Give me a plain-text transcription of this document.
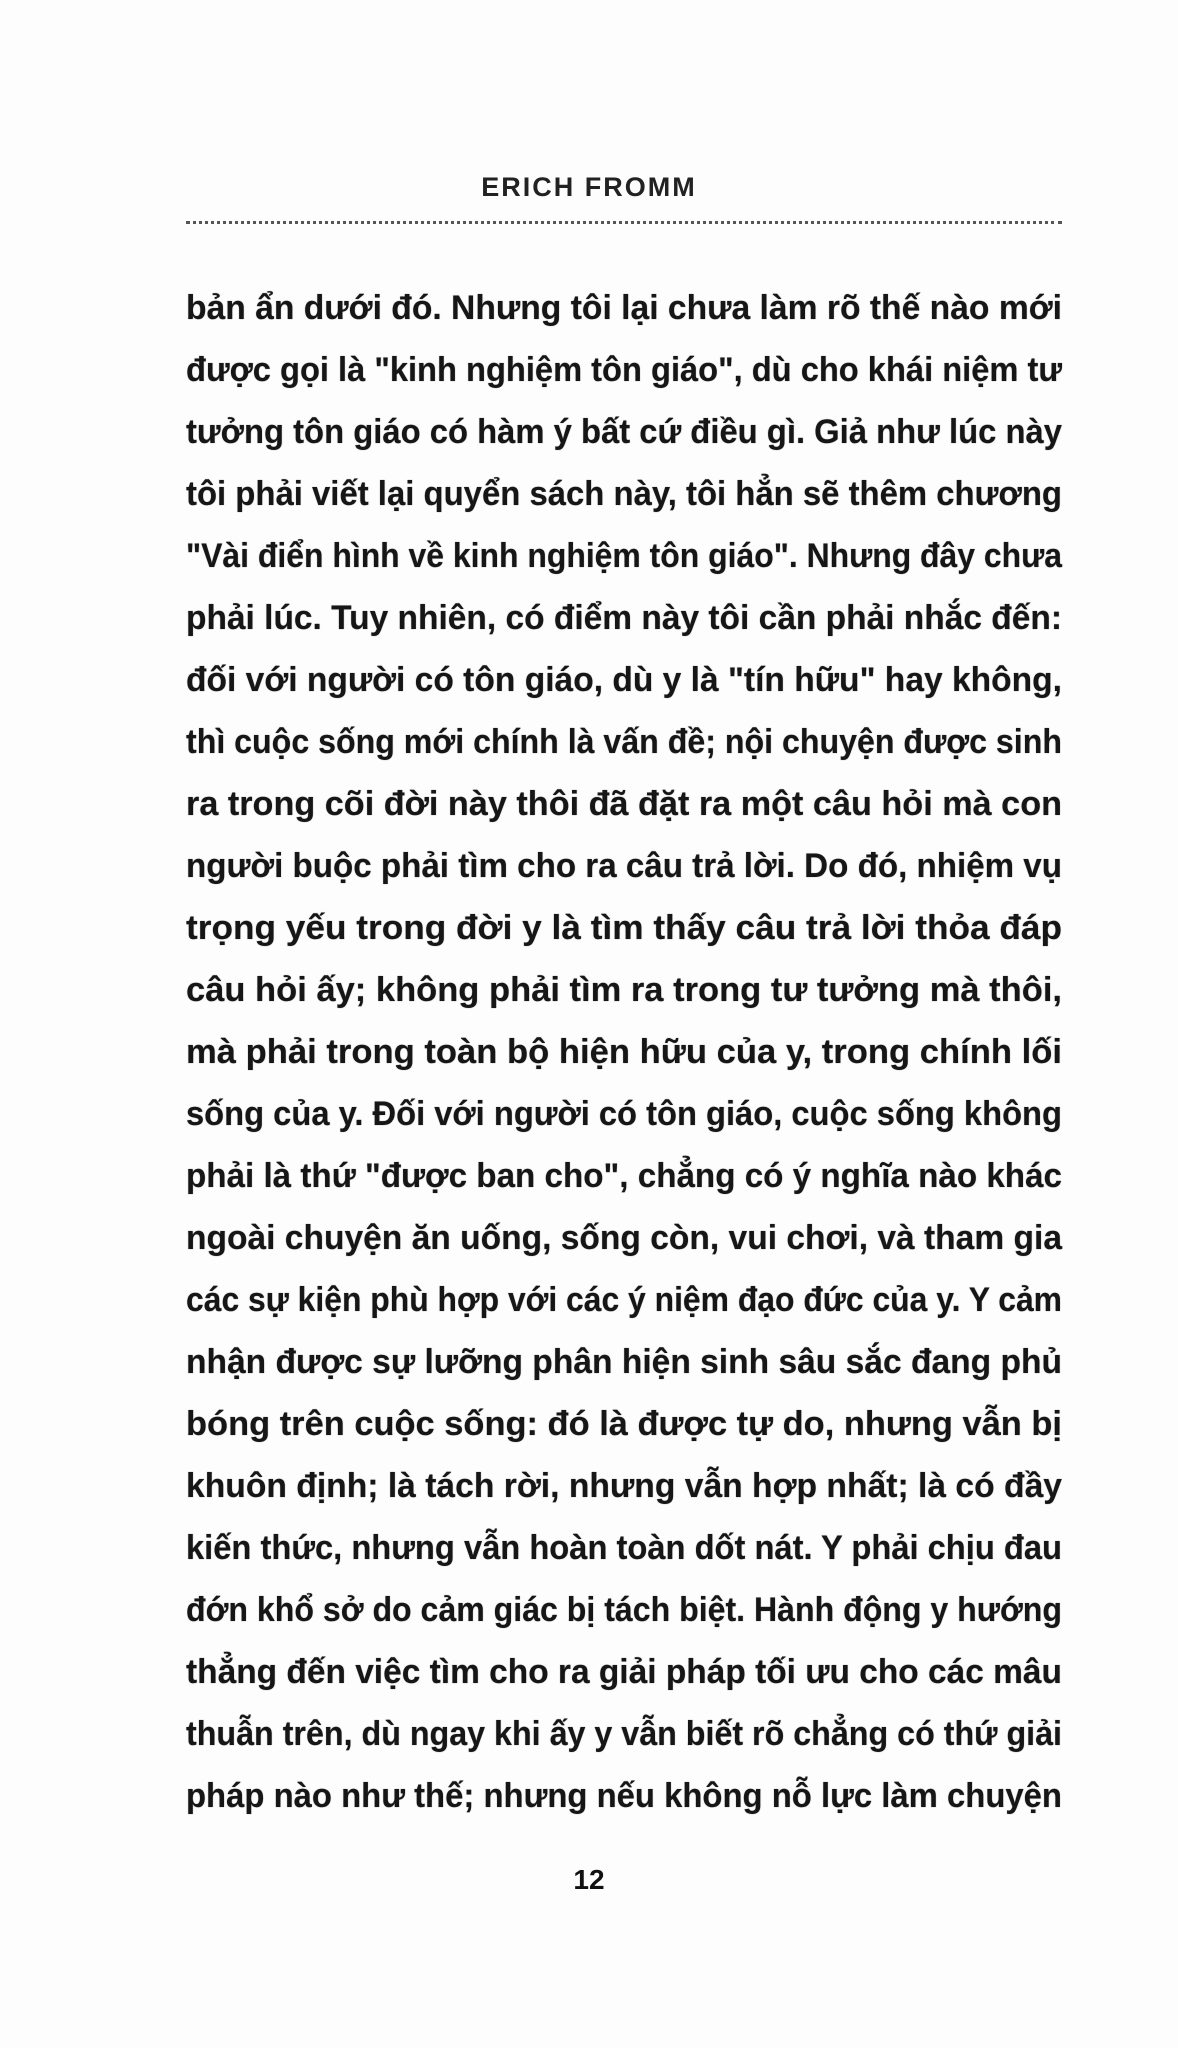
ERICH FROMM
bản ẩn dưới đó. Nhưng tôi lại chưa làm rõ thế nào mới
được gọi là "kinh nghiệm tôn giáo", dù cho khái niệm tư
tưởng tôn giáo có hàm ý bất cứ điều gì. Giả như lúc này
tôi phải viết lại quyển sách này, tôi hẳn sẽ thêm chương
"Vài điển hình về kinh nghiệm tôn giáo". Nhưng đây chưa
phải lúc. Tuy nhiên, có điểm này tôi cần phải nhắc đến:
đối với người có tôn giáo, dù y là "tín hữu" hay không,
thì cuộc sống mới chính là vấn đề; nội chuyện được sinh
ra trong cõi đời này thôi đã đặt ra một câu hỏi mà con
người buộc phải tìm cho ra câu trả lời. Do đó, nhiệm vụ
trọng yếu trong đời y là tìm thấy câu trả lời thỏa đáp
câu hỏi ấy; không phải tìm ra trong tư tưởng mà thôi,
mà phải trong toàn bộ hiện hữu của y, trong chính lối
sống của y. Đối với người có tôn giáo, cuộc sống không
phải là thứ "được ban cho", chẳng có ý nghĩa nào khác
ngoài chuyện ăn uống, sống còn, vui chơi, và tham gia
các sự kiện phù hợp với các ý niệm đạo đức của y. Y cảm
nhận được sự lưỡng phân hiện sinh sâu sắc đang phủ
bóng trên cuộc sống: đó là được tự do, nhưng vẫn bị
khuôn định; là tách rời, nhưng vẫn hợp nhất; là có đầy
kiến thức, nhưng vẫn hoàn toàn dốt nát. Y phải chịu đau
đớn khổ sở do cảm giác bị tách biệt. Hành động y hướng
thẳng đến việc tìm cho ra giải pháp tối ưu cho các mâu
thuẫn trên, dù ngay khi ấy y vẫn biết rõ chẳng có thứ giải
pháp nào như thế; nhưng nếu không nỗ lực làm chuyện
12
